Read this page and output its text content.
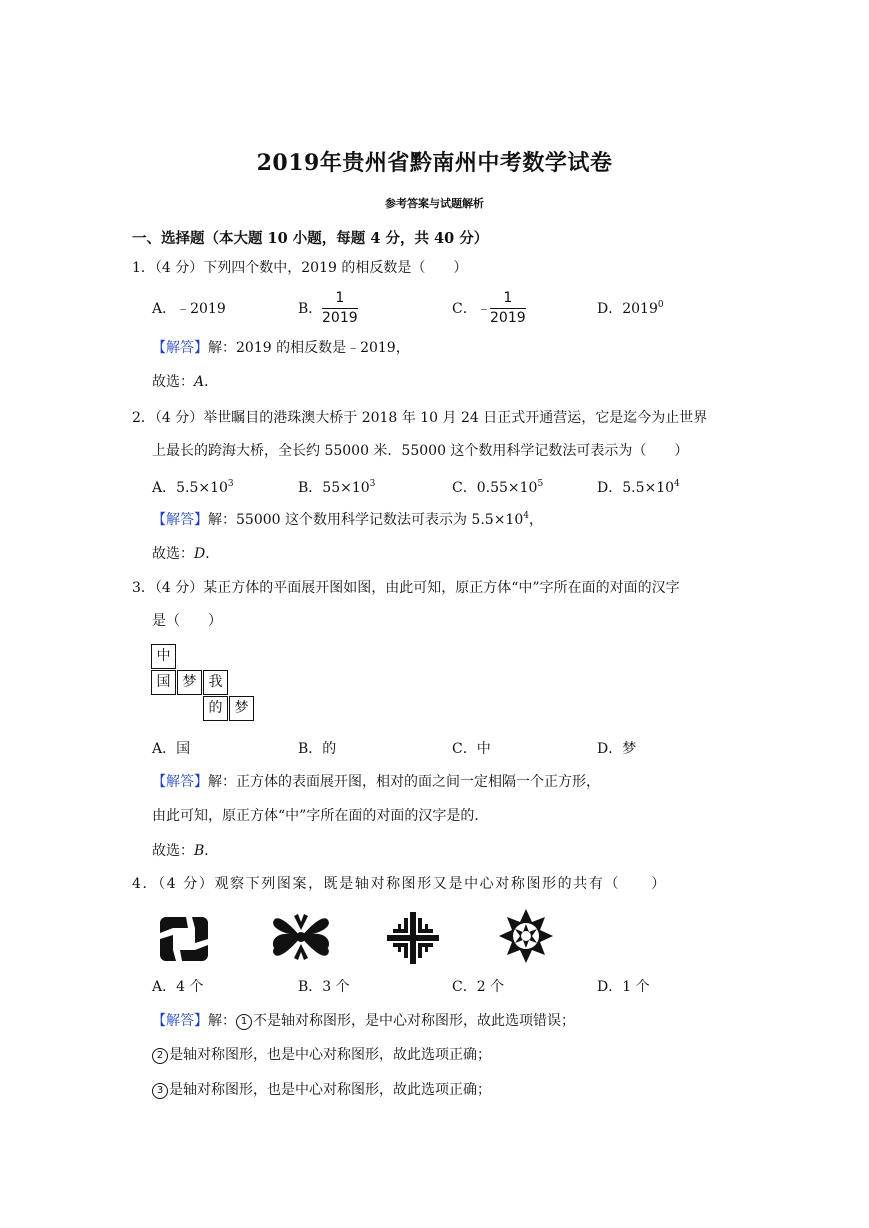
2019年贵州省黔南州中考数学试卷
参考答案与试题解析
一、选择题（本大题 10 小题，每题 4 分，共 40 分）
1．（4 分）下列四个数中，2019 的相反数是（　　）
A．﹣2019	B． $\frac{1}{2019}$	C．﹣ $\frac{1}{2019}$	D．2019$^0$
【解答】解：2019 的相反数是﹣2019，
故选：A．
2．（4 分）举世瞩目的港珠澳大桥于 2018 年 10 月 24 日正式开通营运，它是迄今为止世界
上最长的跨海大桥，全长约 55000 米．55000 这个数用科学记数法可表示为（　　）
A．$5.5\times 10^3$	B．$55\times 10^3$	C．$0.55\times 10^5$	D．$5.5\times 10^4$
【解答】解：55000 这个数用科学记数法可表示为 $5.5\times 10^4$，
故选：D．
3．（4 分）某正方体的平面展开图如图，由此可知，原正方体“中”字所在面的对面的汉字
是（　　）
中
国 梦 我
的 梦
A．国	B．的	C．中	D．梦
【解答】解：正方体的表面展开图，相对的面之间一定相隔一个正方形，
由此可知，原正方体“中”字所在面的对面的汉字是的．
故选：B．
4．（4 分）观察下列图案，既是轴对称图形又是中心对称图形的共有（　　）
A．4 个	B．3 个	C．2 个	D．1 个
【解答】解： 1 不是轴对称图形，是中心对称图形，故此选项错误；
2 是轴对称图形，也是中心对称图形，故此选项正确；
3 是轴对称图形，也是中心对称图形，故此选项正确；
